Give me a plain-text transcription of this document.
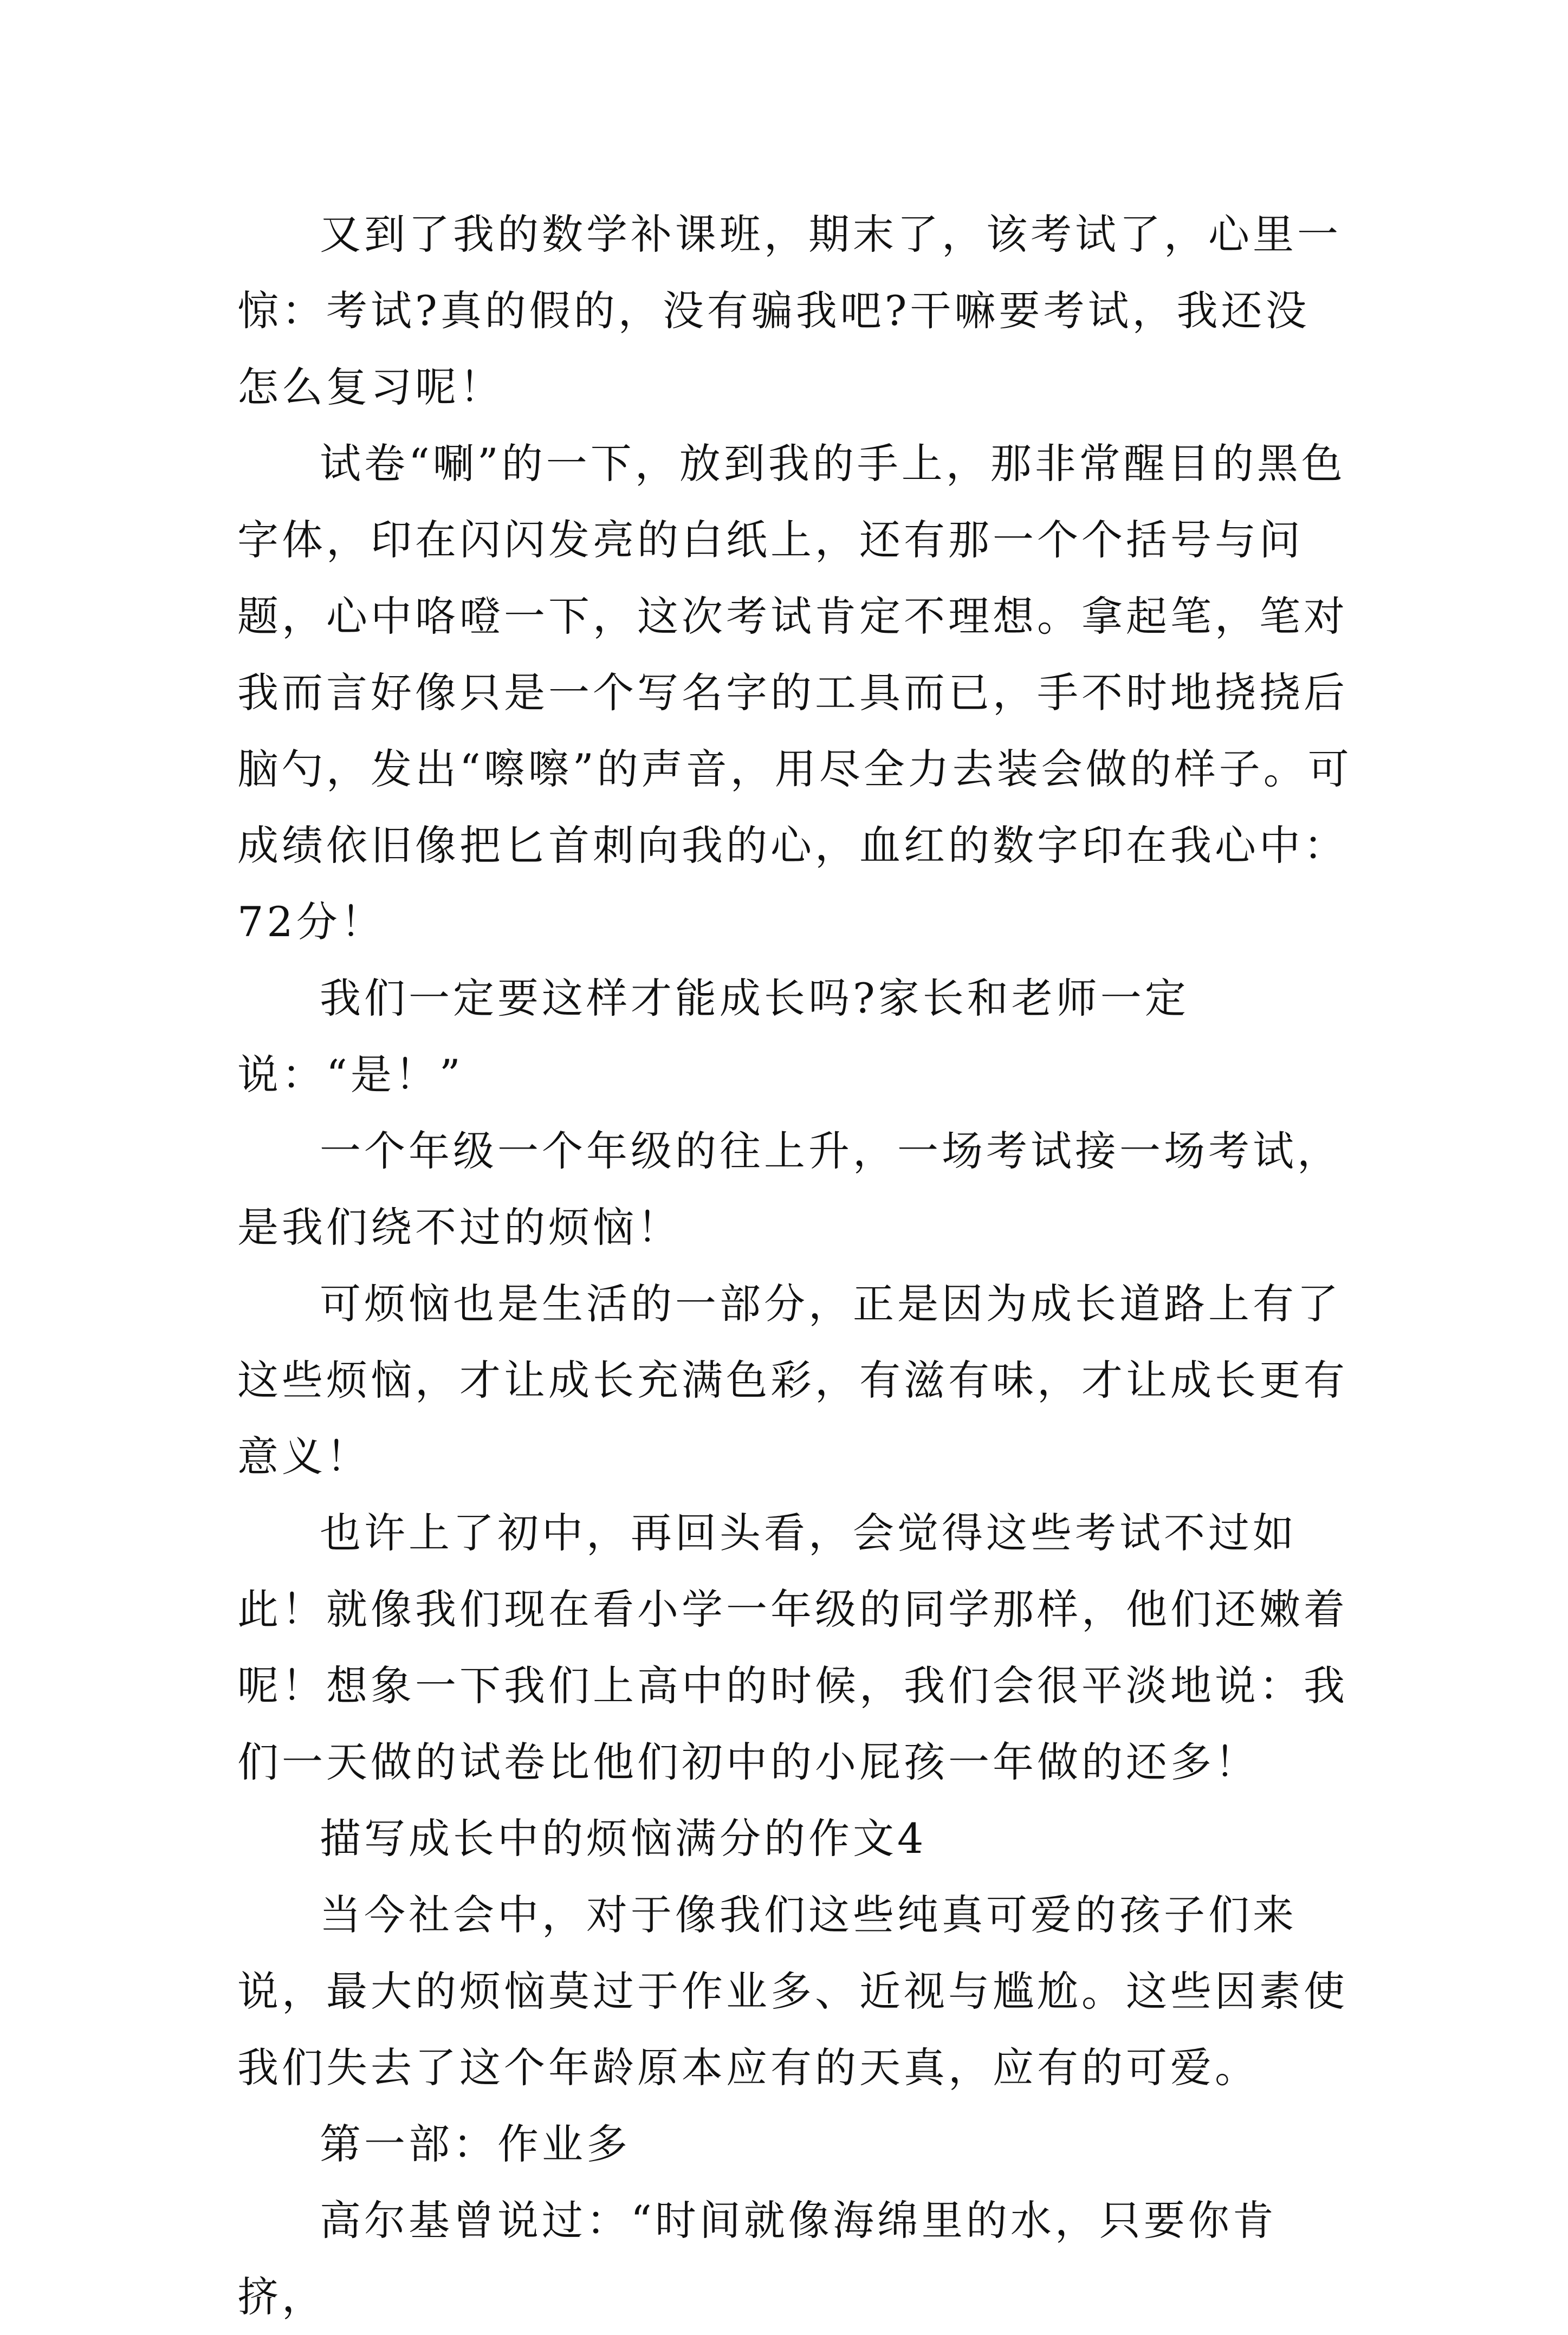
又到了我的数学补课班，期末了，该考试了，心里一惊：考试?真的假的，没有骗我吧?干嘛要考试，我还没怎么复习呢！

试卷“唰”的一下，放到我的手上，那非常醒目的黑色字体，印在闪闪发亮的白纸上，还有那一个个括号与问题，心中咯噔一下，这次考试肯定不理想。拿起笔，笔对我而言好像只是一个写名字的工具而已，手不时地挠挠后脑勺，发出“嚓嚓”的声音，用尽全力去装会做的样子。可成绩依旧像把匕首刺向我的心，血红的数字印在我心中：72分！

我们一定要这样才能成长吗?家长和老师一定说：“是！”

一个年级一个年级的往上升，一场考试接一场考试，是我们绕不过的烦恼！

可烦恼也是生活的一部分，正是因为成长道路上有了这些烦恼，才让成长充满色彩，有滋有味，才让成长更有意义！

也许上了初中，再回头看，会觉得这些考试不过如此！就像我们现在看小学一年级的同学那样，他们还嫩着呢！想象一下我们上高中的时候，我们会很平淡地说：我们一天做的试卷比他们初中的小屁孩一年做的还多！

描写成长中的烦恼满分的作文4

当今社会中，对于像我们这些纯真可爱的孩子们来说，最大的烦恼莫过于作业多、近视与尴尬。这些因素使我们失去了这个年龄原本应有的天真，应有的可爱。

第一部：作业多

高尔基曾说过：“时间就像海绵里的水，只要你肯挤，
